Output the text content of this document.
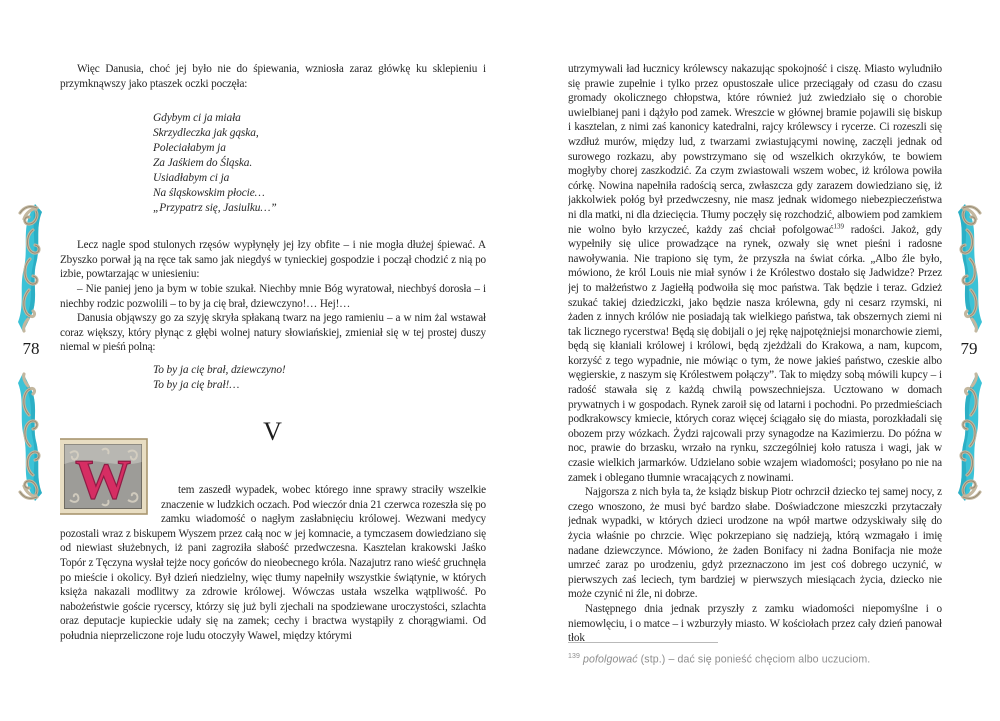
78	79

Więc Danusia, choć jej było nie do śpiewania, wzniosła zaraz główkę ku sklepieniu i przymknąwszy jako ptaszek oczki poczęła:

Gdybym ci ja miała
Skrzydleczka jak gąska,
Poleciałabym ja
Za Jaśkiem do Śląska.
Usiadłabym ci ja
Na śląskowskim płocie…
„Przypatrz się, Jasiulku…”

Lecz nagle spod stulonych rzęsów wypłynęły jej łzy obfite – i nie mogła dłużej śpiewać. A Zbyszko porwał ją na ręce tak samo jak niegdyś w tynieckiej gospodzie i począł chodzić z nią po izbie, powtarzając w uniesieniu:

– Nie paniej jeno ja bym w tobie szukał. Niechby mnie Bóg wyratował, niechbyś dorosła – i niechby rodzic pozwolili – to by ja cię brał, dziewczyno!… Hej!…

Danusia objąwszy go za szyję skryła spłakaną twarz na jego ramieniu – a w nim żal wstawał coraz większy, który płynąc z głębi wolnej natury słowiańskiej, zmieniał się w tej prostej duszy niemal w pieśń polną:

To by ja cię brał, dziewczyno!
To by ja cię brał!…
V

W	tem zaszedł wypadek, wobec którego inne sprawy straciły wszelkie znaczenie w ludzkich oczach. Pod wieczór dnia 21 czerwca rozeszła się po zamku wiadomość o nagłym zasłabnięciu królowej. Wezwani medycy pozostali wraz z biskupem Wyszem przez całą noc w jej komnacie, a tymczasem dowiedziano się od niewiast służebnych, iż pani zagroziła słabość przedwczesna. Kasztelan krakowski Jaśko Topór z Tęczyna wysłał tejże nocy gońców do nieobecnego króla. Nazajutrz rano wieść gruchnęła po mieście i okolicy. Był dzień niedzielny, więc tłumy napełniły wszystkie świątynie, w których księża nakazali modlitwy za zdrowie królowej. Wówczas ustała wszelka wątpliwość. Po nabożeństwie goście rycerscy, którzy się już byli zjechali na spodziewane uroczystości, szlachta oraz deputacje kupieckie udały się na zamek; cechy i bractwa wystąpiły z chorągwiami. Od południa nieprzeliczone roje ludu otoczyły Wawel, między którymi

utrzymywali ład łucznicy królewscy nakazując spokojność i ciszę. Miasto wyludniło się prawie zupełnie i tylko przez opustoszałe ulice przeciągały od czasu do czasu gromady okolicznego chłopstwa, które również już zwiedziało się o chorobie uwielbianej pani i dążyło pod zamek. Wreszcie w głównej bramie pojawili się biskup i kasztelan, z nimi zaś kanonicy katedralni, rajcy królewscy i rycerze. Ci rozeszli się wzdłuż murów, między lud, z twarzami zwiastującymi nowinę, zaczęli jednak od surowego rozkazu, aby powstrzymano się od wszelkich okrzyków, te bowiem mogłyby chorej zaszkodzić. Za czym zwiastowali wszem wobec, iż królowa powiła córkę. Nowina napełniła radością serca, zwłaszcza gdy zarazem dowiedziano się, iż jakkolwiek połóg był przedwczesny, nie masz jednak widomego niebezpieczeństwa ni dla matki, ni dla dziecięcia. Tłumy poczęły się rozchodzić, albowiem pod zamkiem nie wolno było krzyczeć, każdy zaś chciał pofolgować$^{139}$ radości. Jakoż, gdy wypełniły się ulice prowadzące na rynek, ozwały się wnet pieśni i radosne nawoływania. Nie trapiono się tym, że przyszła na świat córka. „Albo źle było, mówiono, że król Louis nie miał synów i że Królestwo dostało się Jadwidze? Przez jej to małżeństwo z Jagiełłą podwoiła się moc państwa. Tak będzie i teraz. Gdzież szukać takiej dziedziczki, jako będzie nasza królewna, gdy ni cesarz rzymski, ni żaden z innych królów nie posiadają tak wielkiego państwa, tak obszernych ziemi ni tak licznego rycerstwa! Będą się dobijali o jej rękę najpotężniejsi monarchowie ziemi, będą się kłaniali królowej i królowi, będą zjeżdżali do Krakowa, a nam, kupcom, korzyść z tego wypadnie, nie mówiąc o tym, że nowe jakieś państwo, czeskie albo węgierskie, z naszym się Królestwem połączy”. Tak to między sobą mówili kupcy – i radość stawała się z każdą chwilą powszechniejsza. Ucztowano w domach prywatnych i w gospodach. Rynek zaroił się od latarni i pochodni. Po przedmieściach podkrakowscy kmiecie, których coraz więcej ściągało się do miasta, porozkładali się obozem przy wózkach. Żydzi rajcowali przy synagodze na Kazimierzu. Do późna w noc, prawie do brzasku, wrzało na rynku, szczególniej koło ratusza i wagi, jak w czasie wielkich jarmarków. Udzielano sobie wzajem wiadomości; posyłano po nie na zamek i oblegano tłumnie wracających z nowinami.

Najgorsza z nich była ta, że ksiądz biskup Piotr ochrzcił dziecko tej samej nocy, z czego wnoszono, że musi być bardzo słabe. Doświadczone mieszczki przytaczały jednak wypadki, w których dzieci urodzone na wpół martwe odzyskiwały siłę do życia właśnie po chrzcie. Więc pokrzepiano się nadzieją, którą wzmagało i imię nadane dziewczynce. Mówiono, że żaden Bonifacy ni żadna Bonifacja nie może umrzeć zaraz po urodzeniu, gdyż przeznaczono im jest coś dobrego uczynić, w pierwszych zaś leciech, tym bardziej w pierwszych miesiącach życia, dziecko nie może czynić ni źle, ni dobrze.

Następnego dnia jednak przyszły z zamku wiadomości niepomyślne i o niemowlęciu, i o matce – i wzburzyły miasto. W kościołach przez cały dzień panował tłok

$^{139}$ pofolgować (stp.) – dać się ponieść chęciom albo uczuciom.
